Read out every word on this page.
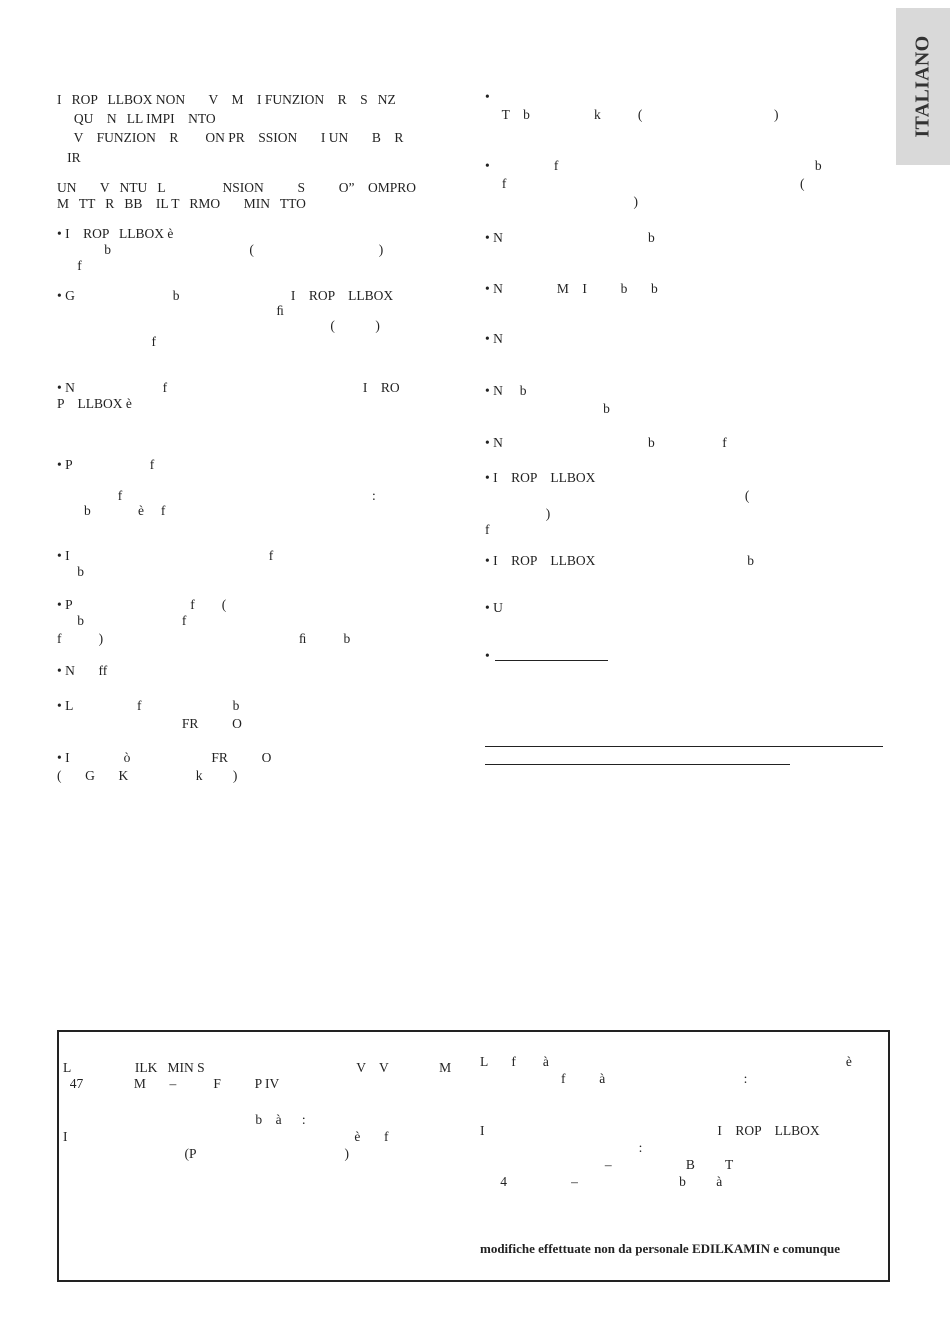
ITALIANO
I   ROP   LLBOX NON       V    M    I FUNZION    R    S   NZ
QU    N   LL IMPI    NTO
V    FUNZION    R        ON PR    SSION       I UN       B    R
IR
UN       V   NTU   L                 NSION          S          O”    OMPRO
M   TT   R   BB    IL T   RMO       MIN   TTO
• I    ROP   LLBOX è
b                                         (                                     )
f
• G                             b                                 I    ROP    LLBOX
ﬁ
(            )
f
• N                          f                                                          I    RO
P    LLBOX è
• P                       f
f                                                                          :
b              è     f
• I                                                           f
b
• P                                   f        (
b                             f
f           )                                                          ﬁ           b
• N       ff
• L                   f                           b
FR          O
• I                ò                        FR          O
(       G       K                    k         )
•
T    b                   k           (                                       )
•                   f                                                                            b
f                                                                                       (
)
• N                                           b
• N                M    I          b       b
• N
• N     b
b
• N                                           b                    f
• I    ROP    LLBOX
(
)
f
• I    ROP    LLBOX                                             b
• U
•
L                   ILK   MIN S                                             V    V               M
47               M       –           F          P IV
b    à      :
I                                                                                     è       f
(P                                            )
modifiche effettuate non da personale EDILKAMIN e comunque
L       f        à                                                                                        è
f          à                                         :
I                                                                     I    ROP    LLBOX
:
–                      B         T
4                   –                              b         à
